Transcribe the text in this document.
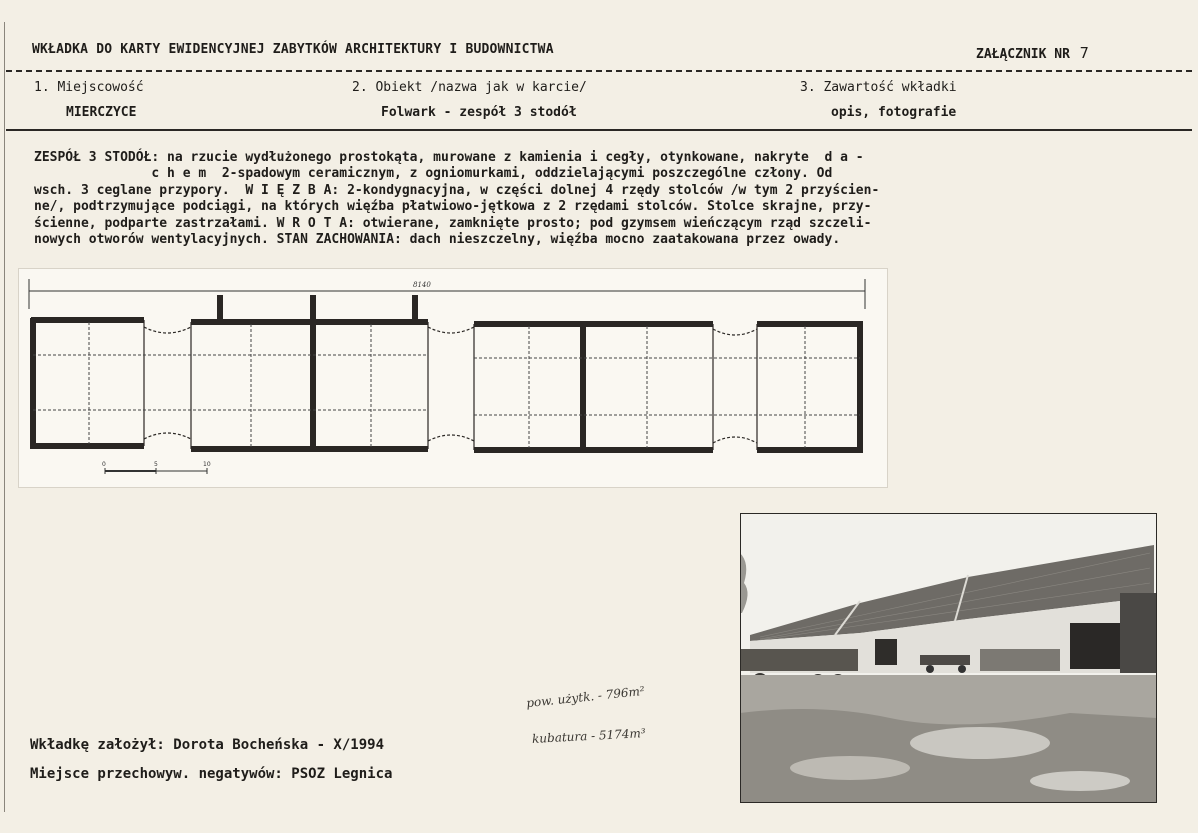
WKŁADKA DO KARTY EWIDENCYJNEJ ZABYTKÓW ARCHITEKTURY I BUDOWNICTWA	ZAŁĄCZNIK NR 7
1. Miejscowość
MIERCZYCE
2. Obiekt /nazwa jak w karcie/
Folwark - zespół 3 stodół
3. Zawartość wkładki
opis, fotografie
ZESPÓŁ 3 STODÓŁ: na rzucie wydłużonego prostokąta, murowane z kamienia i cegły, otynkowane, nakryte  d a -
c h e m  2-spadowym ceramicznym, z ogniomurkami, oddzielającymi poszczególne człony. Od
wsch. 3 ceglane przypory.  W I Ę Z B A: 2-kondygnacyjna, w części dolnej 4 rzędy stolców /w tym 2 przyścien-
ne/, podtrzymujące podciągi, na których więźba płatwiowo-jętkowa z 2 rzędami stolców. Stolce skrajne, przy-
ścienne, podparte zastrzałami. W R O T A: otwierane, zamknięte prosto; pod gzymsem wieńczącym rząd szczeli-
nowych otworów wentylacyjnych. STAN ZACHOWANIA: dach nieszczelny, więźba mocno zaatakowana przez owady.
8140
0	5	10
pow. użytk. - 796m²
kubatura - 5174m³
Wkładkę założył: Dorota Bocheńska - X/1994
Miejsce przechowyw. negatywów: PSOZ Legnica
